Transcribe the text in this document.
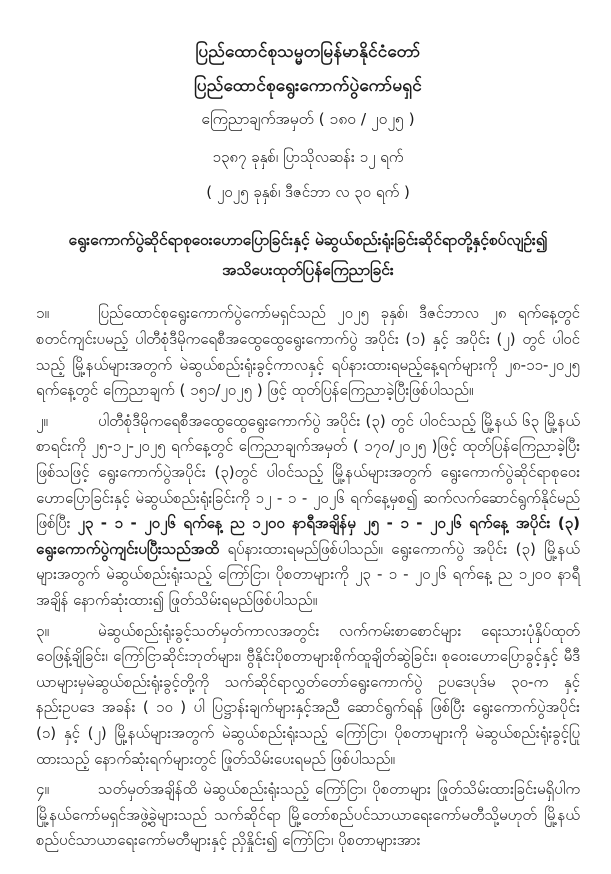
ပြည်ထောင်စုသမ္မတမြန်မာနိုင်ငံတော်
ပြည်ထောင်စုရွေးကောက်ပွဲကော်မရှင်
ကြေညာချက်အမှတ် ( ၁၈၀ / ၂၀၂၅ )
၁၃၈၇ ခုနှစ်၊ ပြာသိုလဆန်း ၁၂ ရက်
( ၂၀၂၅ ခုနှစ်၊ ဒီဇင်ဘာ လ ၃၀ ရက် )
ရွေးကောက်ပွဲဆိုင်ရာစုဝေးဟောပြောခြင်းနှင့် မဲဆွယ်စည်းရုံးခြင်းဆိုင်ရာတို့နှင့်စပ်လျဉ်း၍
အသိပေးထုတ်ပြန်ကြေညာခြင်း

၁။	ပြည်ထောင်စုရွေးကောက်ပွဲကော်မရှင်သည် ၂၀၂၅ ခုနှစ်၊ ဒီဇင်ဘာလ ၂၈ ရက်နေ့တွင် စတင်ကျင်းပမည့် ပါတီစုံဒီမိုကရေစီအထွေထွေရွေးကောက်ပွဲ အပိုင်း (၁) နှင့် အပိုင်း (၂) တွင် ပါဝင်သည့် မြို့နယ်များအတွက် မဲဆွယ်စည်းရုံးခွင့်ကာလနှင့် ရပ်နားထားရမည့်နေ့ရက်များကို ၂၈-၁၁-၂၀၂၅ ရက်နေ့တွင် ကြေညာချက် ( ၁၅၁/၂၀၂၅ ) ဖြင့် ထုတ်ပြန်ကြေညာခဲ့ပြီးဖြစ်ပါသည်။

၂။	ပါတီစုံဒီမိုကရေစီအထွေထွေရွေးကောက်ပွဲ အပိုင်း (၃) တွင် ပါဝင်သည့် မြို့နယ် ၆၃ မြို့နယ်စာရင်းကို ၂၅-၁၂-၂၀၂၅ ရက်နေ့တွင် ကြေညာချက်အမှတ် ( ၁၇၀/၂၀၂၅ )ဖြင့် ထုတ်ပြန်ကြေညာခဲ့ပြီးဖြစ်သဖြင့် ရွေးကောက်ပွဲအပိုင်း (၃)တွင် ပါဝင်သည့် မြို့နယ်များအတွက် ရွေးကောက်ပွဲဆိုင်ရာစုဝေးဟောပြောခြင်းနှင့် မဲဆွယ်စည်းရုံးခြင်းကို ၁၂ - ၁ - ၂၀၂၆ ရက်နေ့မှစ၍ ဆက်လက်ဆောင်ရွက်နိုင်မည်ဖြစ်ပြီး ၂၃ - ၁ - ၂၀၂၆ ရက်နေ့ ည ၁၂၀၀ နာရီအချိန်မှ ၂၅ - ၁ - ၂၀၂၆ ရက်နေ့ အပိုင်း (၃) ရွေးကောက်ပွဲကျင်းပပြီးသည်အထိ ရပ်နားထားရမည်ဖြစ်ပါသည်။ ရွေးကောက်ပွဲ အပိုင်း (၃) မြို့နယ်များအတွက် မဲဆွယ်စည်းရုံးသည့် ကြော်ငြာ၊ ပိုစတာများကို ၂၃ - ၁ - ၂၀၂၆ ရက်နေ့ ည ၁၂၀၀ နာရီအချိန် နောက်ဆုံးထား၍ ဖြုတ်သိမ်းရမည်ဖြစ်ပါသည်။

၃။	မဲဆွယ်စည်းရုံးခွင့်သတ်မှတ်ကာလအတွင်း လက်ကမ်းစာစောင်များ ရေးသားပုံနှိပ်ထုတ်ဝေဖြန့်ချိခြင်း၊ ကြော်ငြာဆိုင်းဘုတ်များ၊ ဗွီနိုင်းပိုစတာများစိုက်ထူချိတ်ဆွဲခြင်း၊ စုဝေးဟောပြောခွင့်နှင့် မီဒီယာများမှမဲဆွယ်စည်းရုံးခွင့်တို့ကို သက်ဆိုင်ရာလွှတ်တော်ရွေးကောက်ပွဲ ဥပဒေပုဒ်မ ၃၀-က နှင့် နည်းဥပဒေ အခန်း ( ၁၀ ) ပါ ပြဋ္ဌာန်းချက်များနှင့်အညီ ဆောင်ရွက်ရန် ဖြစ်ပြီး ရွေးကောက်ပွဲအပိုင်း (၁) နှင့် (၂) မြို့နယ်များအတွက် မဲဆွယ်စည်းရုံးသည့် ကြော်ငြာ၊ ပိုစတာများကို မဲဆွယ်စည်းရုံးခွင့်ပြုထားသည့် နောက်ဆုံးရက်များတွင် ဖြုတ်သိမ်းပေးရမည် ဖြစ်ပါသည်။

၄။	သတ်မှတ်အချိန်ထိ မဲဆွယ်စည်းရုံးသည့် ကြော်ငြာ၊ ပိုစတာများ ဖြုတ်သိမ်းထားခြင်းမရှိပါက မြို့နယ်ကော်မရှင်အဖွဲ့ခွဲများသည် သက်ဆိုင်ရာ မြို့တော်စည်ပင်သာယာရေးကော်မတီသို့မဟုတ် မြို့နယ်စည်ပင်သာယာရေးကော်မတီများနှင့် ညှိနှိုင်း၍ ကြော်ငြာ၊ ပိုစတာများအား
